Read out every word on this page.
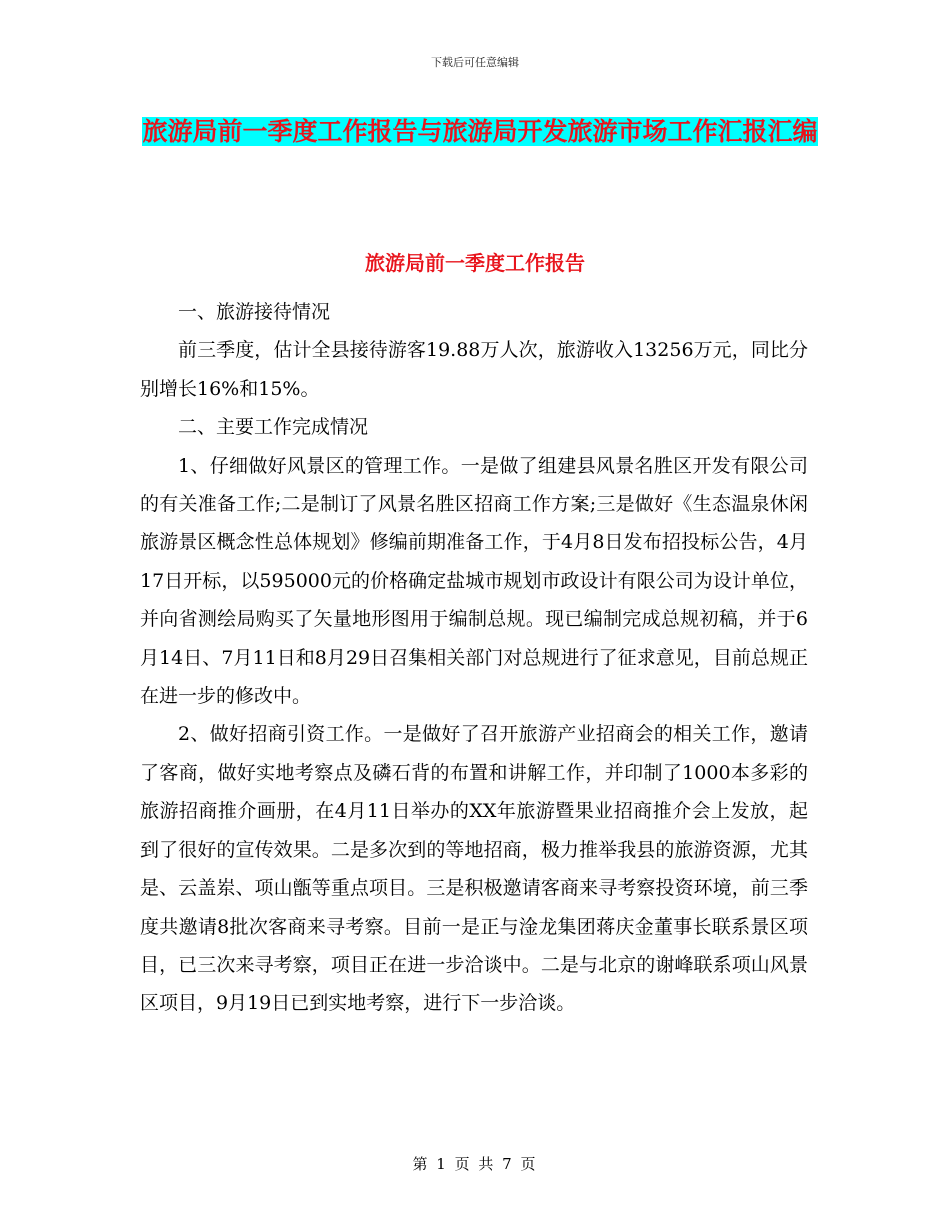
下载后可任意编辑
旅游局前一季度工作报告与旅游局开发旅游市场工作汇报汇编
旅游局前一季度工作报告

一、旅游接待情况

前三季度，估计全县接待游客19.88万人次，旅游收入13256万元，同比分别增长16%和15%。

二、主要工作完成情况

1、仔细做好风景区的管理工作。一是做了组建县风景名胜区开发有限公司的有关准备工作;二是制订了风景名胜区招商工作方案;三是做好《生态温泉休闲旅游景区概念性总体规划》修编前期准备工作，于4月8日发布招投标公告，4月17日开标，以595000元的价格确定盐城市规划市政设计有限公司为设计单位，并向省测绘局购买了矢量地形图用于编制总规。现已编制完成总规初稿，并于6月14日、7月11日和8月29日召集相关部门对总规进行了征求意见，目前总规正在进一步的修改中。

2、做好招商引资工作。一是做好了召开旅游产业招商会的相关工作，邀请了客商，做好实地考察点及磷石背的布置和讲解工作，并印制了1000本多彩的旅游招商推介画册，在4月11日举办的XX年旅游暨果业招商推介会上发放，起到了很好的宣传效果。二是多次到的等地招商，极力推举我县的旅游资源，尤其是、云盖岽、项山甑等重点项目。三是积极邀请客商来寻考察投资环境，前三季度共邀请8批次客商来寻考察。目前一是正与淦龙集团蒋庆金董事长联系景区项目，已三次来寻考察，项目正在进一步洽谈中。二是与北京的谢峰联系项山风景区项目，9月19日已到实地考察，进行下一步洽谈。

第 1 页 共 7 页
